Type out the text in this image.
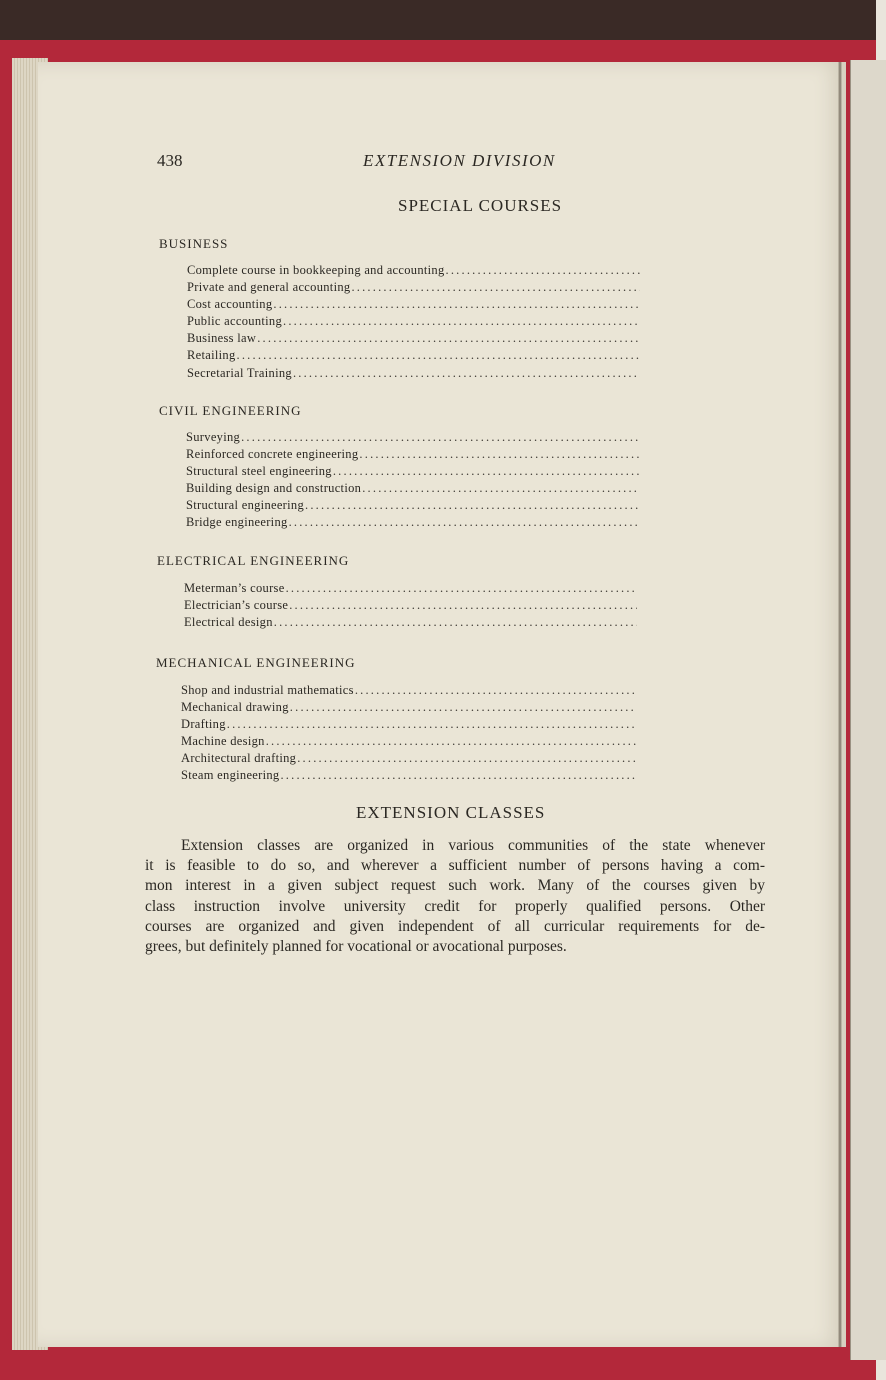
438	EXTENSION DIVISION
SPECIAL COURSES
BUSINESS
Complete course in bookkeeping and accounting
.....
Private and general accounting
.....
Cost accounting
.....
Public accounting
.....
Business law
.....
Retailing
.....
Secretarial Training
.....
CIVIL ENGINEERING
Surveying
.....
Reinforced concrete engineering
.....
Structural steel engineering
.....
Building design and construction
.....
Structural engineering
.....
Bridge engineering
.....
ELECTRICAL ENGINEERING
Meterman’s course
.....
Electrician’s course
.....
Electrical design
.....
MECHANICAL ENGINEERING
Shop and industrial mathematics
.....
Mechanical drawing
.....
Drafting
.....
Machine design
.....
Architectural drafting
.....
Steam engineering
.....
EXTENSION CLASSES
Extension classes are organized in various communities of the state whenever
it is feasible to do so, and wherever a sufficient number of persons having a com-
mon interest in a given subject request such work. Many of the courses given by
class instruction involve university credit for properly qualified persons. Other
courses are organized and given independent of all curricular requirements for de-
grees, but definitely planned for vocational or avocational purposes.
